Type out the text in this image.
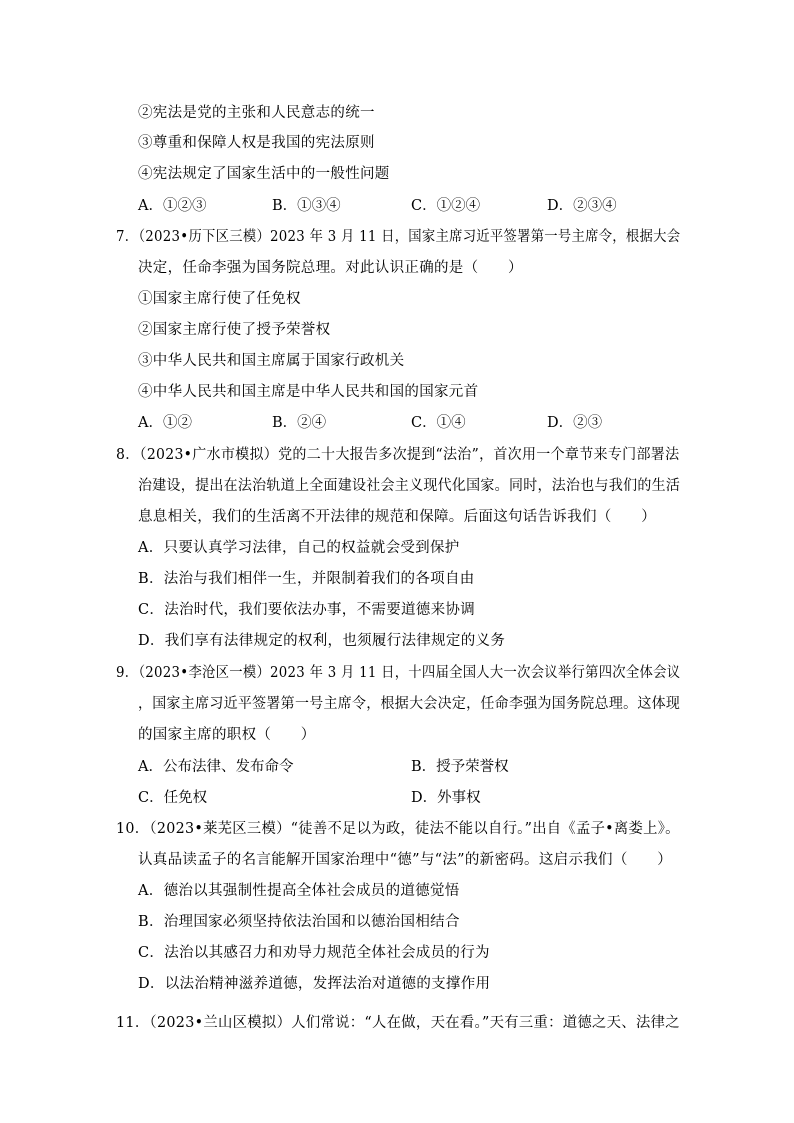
②宪法是党的主张和人民意志的统一
③尊重和保障人权是我国的宪法原则
④宪法规定了国家生活中的一般性问题
A．①②③	B．①③④	C．①②④	D．②③④
7．（2023•历下区三模）2023 年 3 月 11 日，国家主席习近平签署第一号主席令，根据大会
决定，任命李强为国务院总理。对此认识正确的是（　　）
①国家主席行使了任免权
②国家主席行使了授予荣誉权
③中华人民共和国主席属于国家行政机关
④中华人民共和国主席是中华人民共和国的国家元首
A．①②	B．②④	C．①④	D．②③
8．（2023•广水市模拟）党的二十大报告多次提到“法治”，首次用一个章节来专门部署法
治建设，提出在法治轨道上全面建设社会主义现代化国家。同时，法治也与我们的生活
息息相关，我们的生活离不开法律的规范和保障。后面这句话告诉我们（　　）
A．只要认真学习法律，自己的权益就会受到保护
B．法治与我们相伴一生，并限制着我们的各项自由
C．法治时代，我们要依法办事，不需要道德来协调
D．我们享有法律规定的权利，也须履行法律规定的义务
9．（2023•李沧区一模）2023 年 3 月 11 日，十四届全国人大一次会议举行第四次全体会议
，国家主席习近平签署第一号主席令，根据大会决定，任命李强为国务院总理。这体现
的国家主席的职权（　　）
A．公布法律、发布命令	B．授予荣誉权
C．任免权	D．外事权
10．（2023•莱芜区三模）“徒善不足以为政，徒法不能以自行。”出自《孟子•离娄上》。
认真品读孟子的名言能解开国家治理中“德”与“法”的新密码。这启示我们（　　）
A．德治以其强制性提高全体社会成员的道德觉悟
B．治理国家必须坚持依法治国和以德治国相结合
C．法治以其感召力和劝导力规范全体社会成员的行为
D．以法治精神滋养道德，发挥法治对道德的支撑作用
11．（2023•兰山区模拟）人们常说：“人在做，天在看。”天有三重：道德之天、法律之
